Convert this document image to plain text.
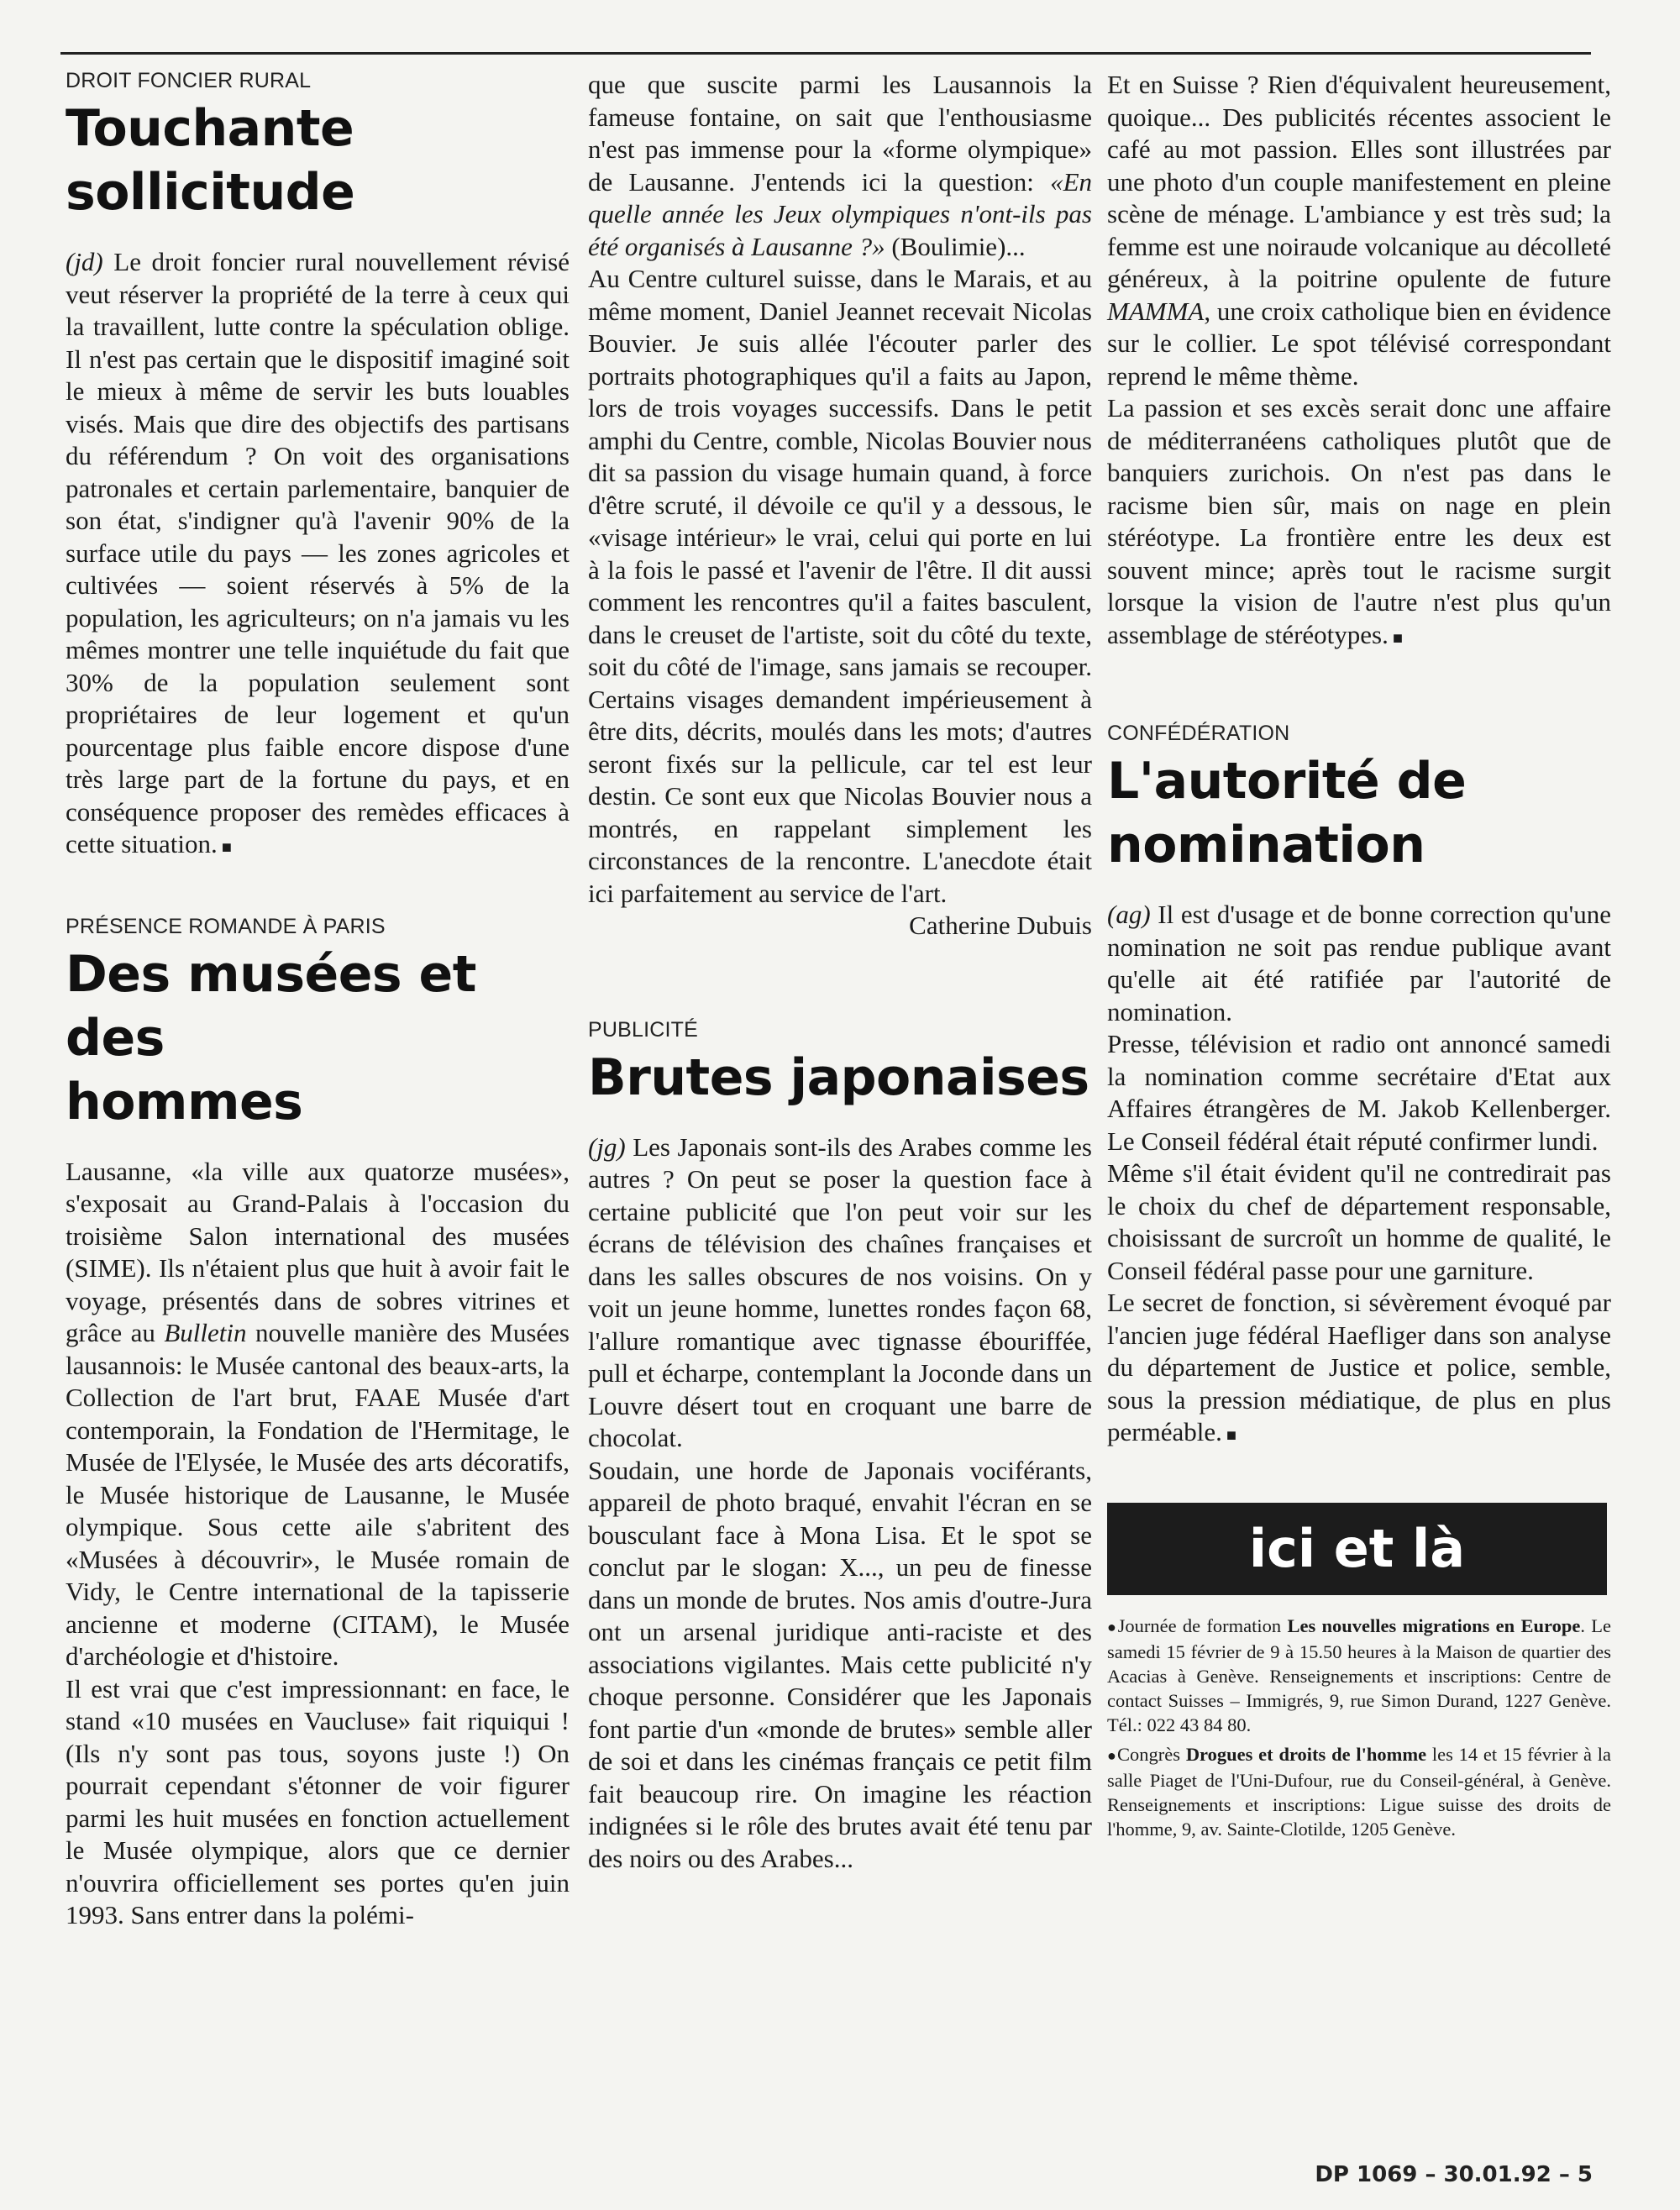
DROIT FONCIER RURAL
Touchante
sollicitude

(jd) Le droit foncier rural nouvellement révisé veut réserver la propriété de la terre à ceux qui la travaillent, lutte contre la spéculation oblige. Il n'est pas certain que le dispositif imaginé soit le mieux à même de servir les buts louables visés. Mais que dire des objectifs des partisans du référendum ? On voit des organisations patronales et certain parlementaire, banquier de son état, s'indigner qu'à l'avenir 90% de la surface utile du pays — les zones agricoles et cultivées — soient réservés à 5% de la population, les agriculteurs; on n'a jamais vu les mêmes montrer une telle inquiétude du fait que 30% de la population seulement sont propriétaires de leur logement et qu'un pourcentage plus faible encore dispose d'une très large part de la fortune du pays, et en conséquence proposer des remèdes efficaces à cette situation. ■

PRÉSENCE ROMANDE À PARIS
Des musées et des
hommes

Lausanne, «la ville aux quatorze musées», s'exposait au Grand-Palais à l'occasion du troisième Salon international des musées (SIME). Ils n'étaient plus que huit à avoir fait le voyage, présentés dans de sobres vitrines et grâce au Bulletin nouvelle manière des Musées lausannois: le Musée cantonal des beaux-arts, la Collection de l'art brut, FAAE Musée d'art contemporain, la Fondation de l'Hermitage, le Musée de l'Elysée, le Musée des arts décoratifs, le Musée historique de Lausanne, le Musée olympique. Sous cette aile s'abritent des «Musées à découvrir», le Musée romain de Vidy, le Centre international de la tapisserie ancienne et moderne (CITAM), le Musée d'archéologie et d'histoire.

Il est vrai que c'est impressionnant: en face, le stand «10 musées en Vaucluse» fait riquiqui ! (Ils n'y sont pas tous, soyons juste !) On pourrait cependant s'étonner de voir figurer parmi les huit musées en fonction actuellement le Musée olympique, alors que ce dernier n'ouvrira officiellement ses portes qu'en juin 1993. Sans entrer dans la polémi-

que que suscite parmi les Lausannois la fameuse fontaine, on sait que l'enthousiasme n'est pas immense pour la «forme olympique» de Lausanne. J'entends ici la question: «En quelle année les Jeux olympiques n'ont-ils pas été organisés à Lausanne ?» (Boulimie)...

Au Centre culturel suisse, dans le Marais, et au même moment, Daniel Jeannet recevait Nicolas Bouvier. Je suis allée l'écouter parler des portraits photographiques qu'il a faits au Japon, lors de trois voyages successifs. Dans le petit amphi du Centre, comble, Nicolas Bouvier nous dit sa passion du visage humain quand, à force d'être scruté, il dévoile ce qu'il y a dessous, le «visage intérieur» le vrai, celui qui porte en lui à la fois le passé et l'avenir de l'être. Il dit aussi comment les rencontres qu'il a faites basculent, dans le creuset de l'artiste, soit du côté du texte, soit du côté de l'image, sans jamais se recouper. Certains visages demandent impérieusement à être dits, décrits, moulés dans les mots; d'autres seront fixés sur la pellicule, car tel est leur destin. Ce sont eux que Nicolas Bouvier nous a montrés, en rappelant simplement les circonstances de la rencontre. L'anecdote était ici parfaitement au service de l'art.

Catherine Dubuis

PUBLICITÉ
Brutes japonaises

(jg) Les Japonais sont-ils des Arabes comme les autres ? On peut se poser la question face à certaine publicité que l'on peut voir sur les écrans de télévision des chaînes françaises et dans les salles obscures de nos voisins. On y voit un jeune homme, lunettes rondes façon 68, l'allure romantique avec tignasse ébouriffée, pull et écharpe, contemplant la Joconde dans un Louvre désert tout en croquant une barre de chocolat.

Soudain, une horde de Japonais vociférants, appareil de photo braqué, envahit l'écran en se bousculant face à Mona Lisa. Et le spot se conclut par le slogan: X..., un peu de finesse dans un monde de brutes. Nos amis d'outre-Jura ont un arsenal juridique anti-raciste et des associations vigilantes. Mais cette publicité n'y choque personne. Considérer que les Japonais font partie d'un «monde de brutes» semble aller de soi et dans les cinémas français ce petit film fait beaucoup rire. On imagine les réaction indignées si le rôle des brutes avait été tenu par des noirs ou des Arabes...

Et en Suisse ? Rien d'équivalent heureusement, quoique... Des publicités récentes associent le café au mot passion. Elles sont illustrées par une photo d'un couple manifestement en pleine scène de ménage. L'ambiance y est très sud; la femme est une noiraude volcanique au décolleté généreux, à la poitrine opulente de future MAMMA, une croix catholique bien en évidence sur le collier. Le spot télévisé correspondant reprend le même thème.

La passion et ses excès serait donc une affaire de méditerranéens catholiques plutôt que de banquiers zurichois. On n'est pas dans le racisme bien sûr, mais on nage en plein stéréotype. La frontière entre les deux est souvent mince; après tout le racisme surgit lorsque la vision de l'autre n'est plus qu'un assemblage de stéréotypes. ■

CONFÉDÉRATION
L'autorité de
nomination

(ag) Il est d'usage et de bonne correction qu'une nomination ne soit pas rendue publique avant qu'elle ait été ratifiée par l'autorité de nomination.

Presse, télévision et radio ont annoncé samedi la nomination comme secrétaire d'Etat aux Affaires étrangères de M. Jakob Kellenberger. Le Conseil fédéral était réputé confirmer lundi.

Même s'il était évident qu'il ne contredirait pas le choix du chef de département responsable, choisissant de surcroît un homme de qualité, le Conseil fédéral passe pour une garniture.

Le secret de fonction, si sévèrement évoqué par l'ancien juge fédéral Haefliger dans son analyse du département de Justice et police, semble, sous la pression médiatique, de plus en plus perméable. ■

ici et là

● Journée de formation Les nouvelles migrations en Europe. Le samedi 15 février de 9 à 15.50 heures à la Maison de quartier des Acacias à Genève. Renseignements et inscriptions: Centre de contact Suisses – Immigrés, 9, rue Simon Durand, 1227 Genève. Tél.: 022 43 84 80.

● Congrès Drogues et droits de l'homme les 14 et 15 février à la salle Piaget de l'Uni-Dufour, rue du Conseil-général, à Genève. Renseignements et inscriptions: Ligue suisse des droits de l'homme, 9, av. Sainte-Clotilde, 1205 Genève.

DP 1069 – 30.01.92 – 5
